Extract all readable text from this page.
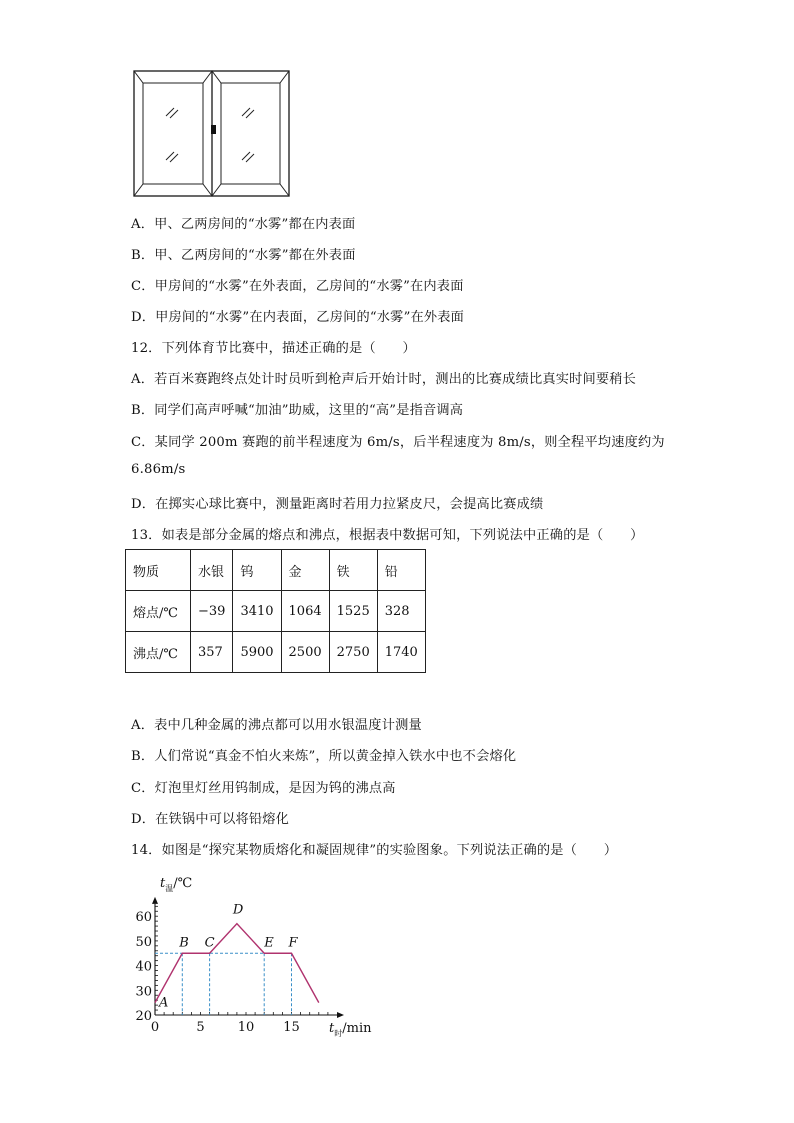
A．甲、乙两房间的“水雾”都在内表面
B．甲、乙两房间的“水雾”都在外表面
C．甲房间的“水雾”在外表面，乙房间的“水雾”在内表面
D．甲房间的“水雾”在内表面，乙房间的“水雾”在外表面
12．下列体育节比赛中，描述正确的是（　　）
A．若百米赛跑终点处计时员听到枪声后开始计时，测出的比赛成绩比真实时间要稍长
B．同学们高声呼喊“加油”助威，这里的“高”是指音调高
C．某同学 200m 赛跑的前半程速度为 6m/s，后半程速度为 8m/s，则全程平均速度约为
6.86m/s
D．在掷实心球比赛中，测量距离时若用力拉紧皮尺，会提高比赛成绩
13．如表是部分金属的熔点和沸点，根据表中数据可知，下列说法中正确的是（　　）
物质	水银	钨	金	铁	铅
熔点/℃	−39	3410	1064	1525	328
沸点/℃	357	5900	2500	2750	1740
A．表中几种金属的沸点都可以用水银温度计测量
B．人们常说“真金不怕火来炼”，所以黄金掉入铁水中也不会熔化
C．灯泡里灯丝用钨制成，是因为钨的沸点高
D．在铁锅中可以将铅熔化
14．如图是“探究某物质熔化和凝固规律”的实验图象。下列说法正确的是（　　）
0	5	10 15
20
30
40
50
60
A
B C
D
E F
$t_温/℃$
$t_时/\min$
